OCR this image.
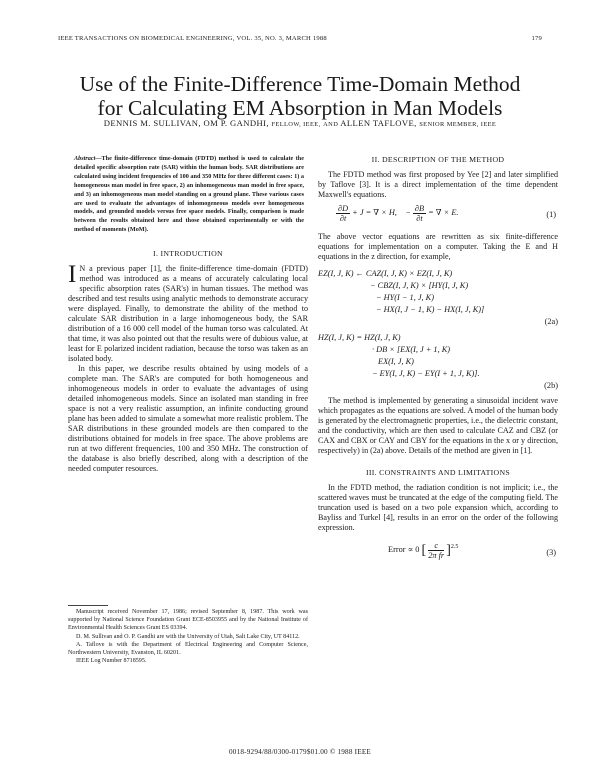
IEEE TRANSACTIONS ON BIOMEDICAL ENGINEERING, VOL. 35, NO. 3, MARCH 1988	179
Use of the Finite-Difference Time-Domain Method
for Calculating EM Absorption in Man Models
DENNIS M. SULLIVAN, OM P. GANDHI, FELLOW, IEEE, AND ALLEN TAFLOVE, SENIOR MEMBER, IEEE
Abstract—The finite-difference time-domain (FDTD) method is used to calculate the detailed specific absorption rate (SAR) within the human body. SAR distributions are calculated using incident frequencies of 100 and 350 MHz for three different cases: 1) a homogeneous man model in free space, 2) an inhomogeneous man model in free space, and 3) an inhomogeneous man model standing on a ground plane. These various cases are used to evaluate the advantages of inhomogeneous models over homogeneous models, and grounded models versus free space models. Finally, comparison is made between the results obtained here and those obtained experimentally or with the method of moments (MoM).
I. INTRODUCTION
I N a previous paper [1], the finite-difference time-domain (FDTD) method was introduced as a means of accurately calculating local specific absorption rates (SAR's) in human tissues. The method was described and test results using analytic methods to demonstrate accuracy were displayed. Finally, to demonstrate the ability of the method to calculate SAR distribution in a large inhomogeneous body, the SAR distribution of a 16 000 cell model of the human torso was calculated. At that time, it was also pointed out that the results were of dubious value, at least for E polarized incident radiation, because the torso was taken as an isolated body.

In this paper, we describe results obtained by using models of a complete man. The SAR's are computed for both homogeneous and inhomogeneous models in order to evaluate the advantages of using detailed inhomogeneous models. Since an isolated man standing in free space is not a very realistic assumption, an infinite conducting ground plane has been added to simulate a somewhat more realistic problem. The SAR distributions in these grounded models are then compared to the distributions obtained for models in free space. The above problems are run at two different frequencies, 100 and 350 MHz. The construction of the database is also briefly described, along with a description of the needed computer resources.

Manuscript received November 17, 1986; revised September 8, 1987. This work was supported by National Science Foundation Grant ECE-8503955 and by the National Institute of Environmental Health Sciences Grant ES 03394.

D. M. Sullivan and O. P. Gandhi are with the University of Utah, Salt Lake City, UT 84112.

A. Taflove is with the Department of Electrical Engineering and Computer Science, Northwestern University, Evanston, IL 60201.

IEEE Log Number 8718595.

II. DESCRIPTION OF THE METHOD

The FDTD method was first proposed by Yee [2] and later simplified by Taflove [3]. It is a direct implementation of the time dependent Maxwell's equations.

$\frac{\partial D}{\partial t} + J$ = ∇ × H, − $\frac{\partial B}{\partial t}$ = ∇ × E.	(1)

The above vector equations are rewritten as six finite-difference equations for implementation on a computer. Taking the E and H equations in the z direction, for example,

EZ(I, J, K) ← CAZ(I, J, K) × EZ(I, J, K)
− CBZ(I, J, K) × [HY(I, J, K)
− HY(I − 1, J, K)
− HX(I, J − 1, K) − HX(I, J, K)]
(2a)
HZ(I, J, K) = HZ(I, J, K)
· DB × [EX(I, J + 1, K)
EX(I, J, K)
− EY(I, J, K) − EY(I + 1, J, K)].
(2b)

The method is implemented by generating a sinusoidal incident wave which propagates as the equations are solved. A model of the human body is generated by the electromagnetic properties, i.e., the dielectric constant, and the conductivity, which are then used to calculate CAZ and CBZ (or CAX and CBX or CAY and CBY for the equations in the x or y direction, respectively) in (2a) above. Details of the method are given in [1].

III. CONSTRAINTS AND LIMITATIONS

In the FDTD method, the radiation condition is not implicit; i.e., the scattered waves must be truncated at the edge of the computing field. The truncation used is based on a two pole expansion which, according to Bayliss and Turkel [4], results in an error on the order of the following expression.

Error ∝ 0 [ $\frac{c}{\text{2π fr}} ]^{2.5}$
(3)
0018-9294/88/0300-0179$01.00 © 1988 IEEE
